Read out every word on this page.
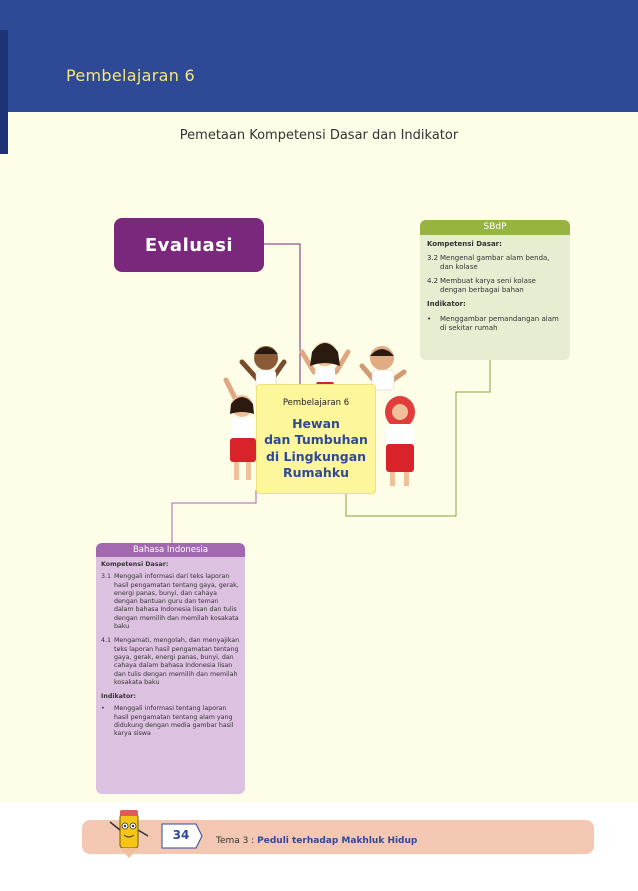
Pembelajaran 6
Pemetaan Kompetensi Dasar dan Indikator
Evaluasi
SBdP
Kompetensi Dasar:
3.2 Mengenal gambar alam benda, dan kolase
4.2 Membuat karya seni kolase dengan berbagai bahan
Indikator:
•	Menggambar pemandangan alam di sekitar rumah
Pembelajaran 6
Hewan
dan Tumbuhan
di Lingkungan
Rumahku
Bahasa Indonesia
Kompetensi Dasar:
3.1 Menggali informasi dari teks laporan hasil pengamatan tentang gaya, gerak, energi panas, bunyi, dan cahaya dengan bantuan guru dan teman dalam bahasa Indonesia lisan dan tulis dengan memilih dan memilah kosakata baku
4.1 Mengamati, mengolah, dan menyajikan teks laporan hasil pengamatan tentang gaya, gerak, energi panas, bunyi, dan cahaya dalam bahasa Indonesia lisan dan tulis dengan memilih dan memilah kosakata baku
Indikator:
•	Menggali informasi tentang laporan hasil pengamatan tentang alam yang didukung dengan media gambar hasil karya siswa
34	Tema 3 : Peduli terhadap Makhluk Hidup
